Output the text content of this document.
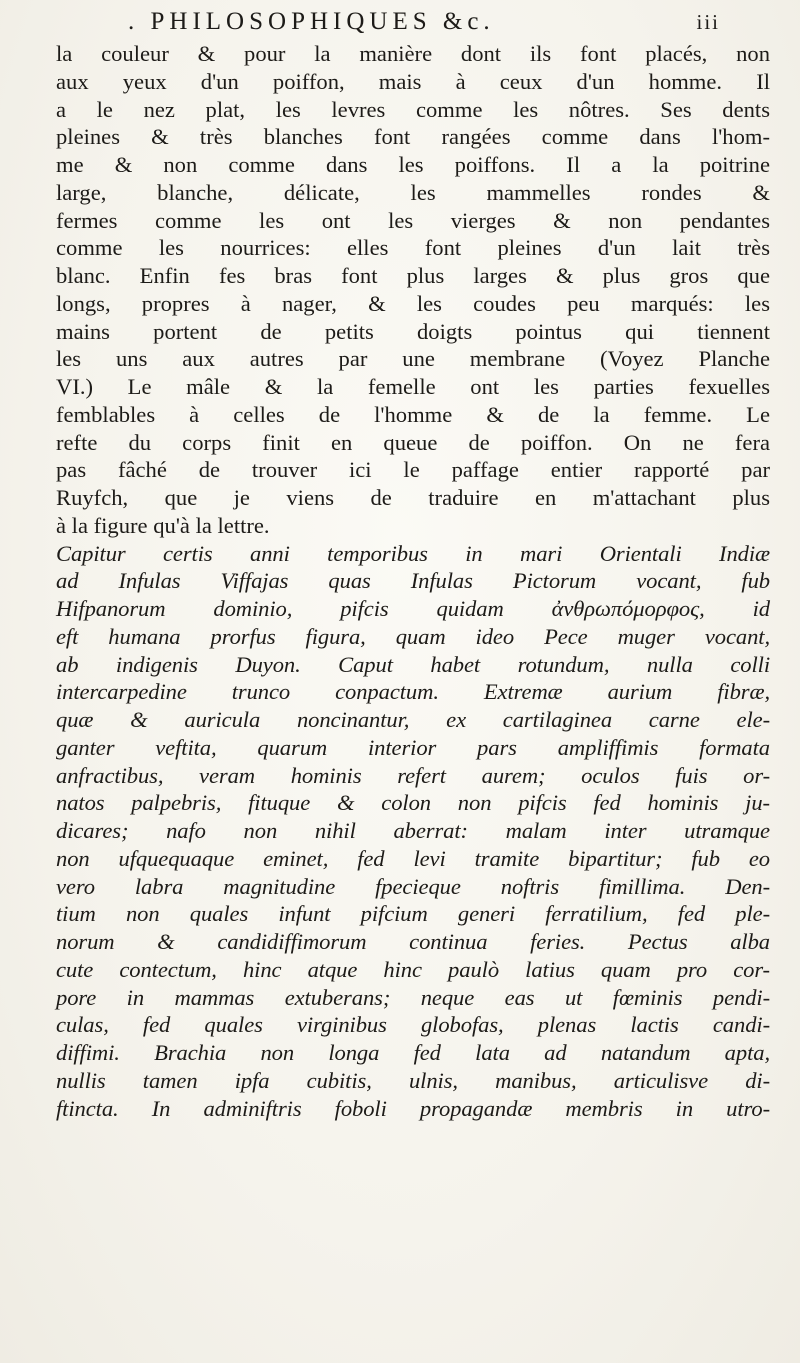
. PHILOSOPHIQUES &c.	iii
la couleur & pour la manière dont ils font placés, non
aux yeux d'un poiffon, mais à ceux d'un homme. Il
a le nez plat, les levres comme les nôtres. Ses dents
pleines & très blanches font rangées comme dans l'hom-
me & non comme dans les poiffons. Il a la poitrine
large, blanche, délicate, les mammelles rondes &
fermes comme les ont les vierges & non pendantes
comme les nourrices: elles font pleines d'un lait très
blanc. Enfin fes bras font plus larges & plus gros que
longs, propres à nager, & les coudes peu marqués: les
mains portent de petits doigts pointus qui tiennent
les uns aux autres par une membrane (Voyez Planche
VI.) Le mâle & la femelle ont les parties fexuelles
femblables à celles de l'homme & de la femme. Le
refte du corps finit en queue de poiffon. On ne fera
pas fâché de trouver ici le paffage entier rapporté par
Ruyfch, que je viens de traduire en m'attachant plus
à la figure qu'à la lettre.
Capitur certis anni temporibus in mari Orientali Indiæ
ad Infulas Viffajas quas Infulas Pictorum vocant, fub
Hifpanorum dominio, pifcis quidam ἀνθρωπόμορφος, id
eft humana prorfus figura, quam ideo Pece muger vocant,
ab indigenis Duyon. Caput habet rotundum, nulla colli
intercarpedine trunco conpactum. Extremæ aurium fibræ,
quæ & auricula noncinantur, ex cartilaginea carne ele-
ganter veftita, quarum interior pars ampliffimis formata
anfractibus, veram hominis refert aurem; oculos fuis or-
natos palpebris, fituque & colon non pifcis fed hominis ju-
dicares; nafo non nihil aberrat: malam inter utramque
non ufquequaque eminet, fed levi tramite bipartitur; fub eo
vero labra magnitudine fpecieque noftris fimillima. Den-
tium non quales infunt pifcium generi ferratilium, fed ple-
norum & candidiffimorum continua feries. Pectus alba
cute contectum, hinc atque hinc paulò latius quam pro cor-
pore in mammas extuberans; neque eas ut fœminis pendi-
culas, fed quales virginibus globofas, plenas lactis candi-
diffimi. Brachia non longa fed lata ad natandum apta,
nullis tamen ipfa cubitis, ulnis, manibus, articulisve di-
ftincta. In adminiftris foboli propagandæ membris in utro-
